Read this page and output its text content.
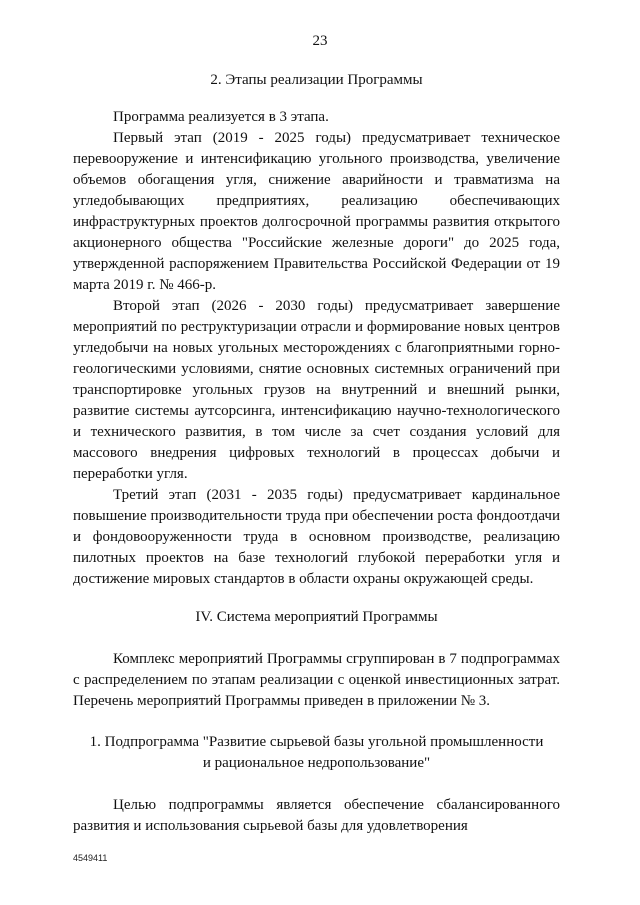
23

2. Этапы реализации Программы

Программа реализуется в 3 этапа.

Первый этап (2019 - 2025 годы) предусматривает техническое перевооружение и интенсификацию угольного производства, увеличение объемов обогащения угля, снижение аварийности и травматизма на угледобывающих предприятиях, реализацию обеспечивающих инфраструктурных проектов долгосрочной программы развития открытого акционерного общества "Российские железные дороги" до 2025 года, утвержденной распоряжением Правительства Российской Федерации от 19 марта 2019 г. № 466-р.

Второй этап (2026 - 2030 годы) предусматривает завершение мероприятий по реструктуризации отрасли и формирование новых центров угледобычи на новых угольных месторождениях с благоприятными горно-геологическими условиями, снятие основных системных ограничений при транспортировке угольных грузов на внутренний и внешний рынки, развитие системы аутсорсинга, интенсификацию научно-технологического и технического развития, в том числе за счет создания условий для массового внедрения цифровых технологий в процессах добычи и переработки угля.

Третий этап (2031 - 2035 годы) предусматривает кардинальное повышение производительности труда при обеспечении роста фондоотдачи и фондовооруженности труда в основном производстве, реализацию пилотных проектов на базе технологий глубокой переработки угля и достижение мировых стандартов в области охраны окружающей среды.

IV. Система мероприятий Программы

Комплекс мероприятий Программы сгруппирован в 7 подпрограммах с распределением по этапам реализации с оценкой инвестиционных затрат. Перечень мероприятий Программы приведен в приложении № 3.

1. Подпрограмма "Развитие сырьевой базы угольной промышленности
и рациональное недропользование"

Целью подпрограммы является обеспечение сбалансированного развития и использования сырьевой базы для удовлетворения

4549411
